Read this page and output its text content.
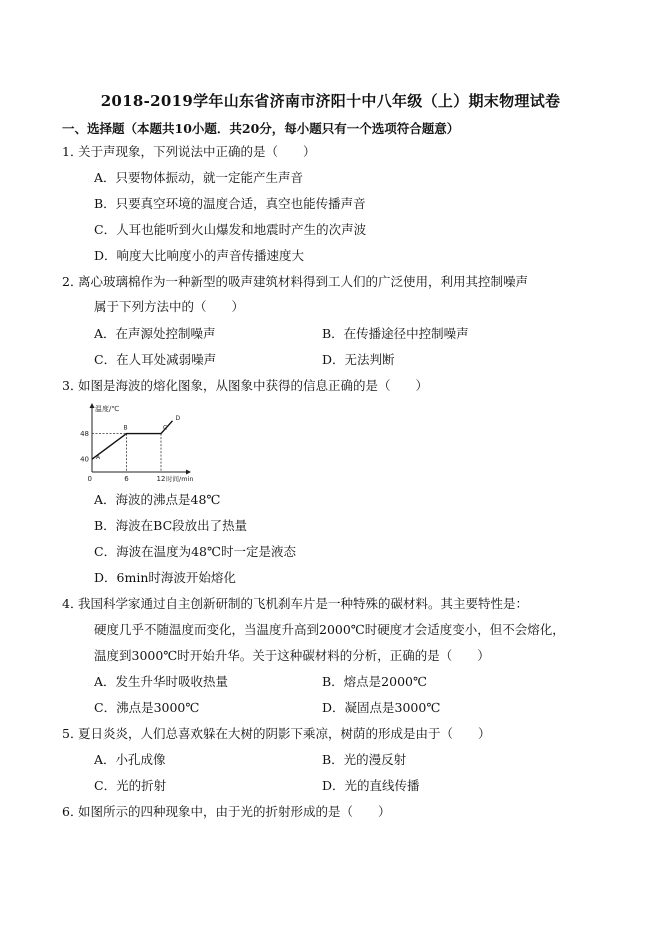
2018-2019学年山东省济南市济阳十中八年级（上）期末物理试卷
一、选择题（本题共10小题．共20分，每小题只有一个选项符合题意）
1．
关于声现象，下列说法中正确的是（　　）
A．只要物体振动，就一定能产生声音
B．只要真空环境的温度合适，真空也能传播声音
C．人耳也能听到火山爆发和地震时产生的次声波
D．响度大比响度小的声音传播速度大
2．
离心玻璃棉作为一种新型的吸声建筑材料得到工人们的广泛使用，利用其控制噪声
属于下列方法中的（　　）
A．在声源处控制噪声	B．在传播途径中控制噪声
C．在人耳处减弱噪声	D．无法判断
3．
如图是海波的熔化图象，从图象中获得的信息正确的是（　　）
温度/℃
时间/min
40
48
0	6	12
A
B	C
D
A．海波的沸点是48℃
B．海波在BC段放出了热量
C．海波在温度为48℃时一定是液态
D．6min时海波开始熔化
4．
我国科学家通过自主创新研制的飞机刹车片是一种特殊的碳材料。其主要特性是：
硬度几乎不随温度而变化，当温度升高到2000℃时硬度才会适度变小，但不会熔化，
温度到3000℃时开始升华。关于这种碳材料的分析，正确的是（　　）
A．发生升华时吸收热量	B．熔点是2000℃
C．沸点是3000℃	D．凝固点是3000℃
5．
夏日炎炎，人们总喜欢躲在大树的阴影下乘凉，树荫的形成是由于（　　）
A．小孔成像	B．光的漫反射
C．光的折射	D．光的直线传播
6．
如图所示的四种现象中，由于光的折射形成的是（　　）
